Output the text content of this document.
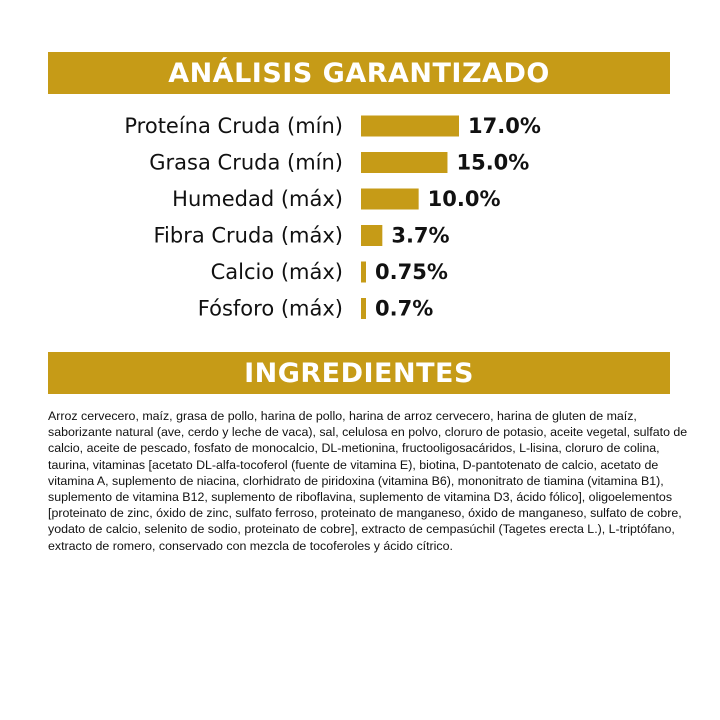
ANÁLISIS GARANTIZADO
Proteína Cruda (mín)	17.0%
Grasa Cruda (mín)	15.0%
Humedad (máx)	10.0%
Fibra Cruda (máx) 3.7%
Calcio (máx) 0.75%
Fósforo (máx) 0.7%
INGREDIENTES

Arroz cervecero, maíz, grasa de pollo, harina de pollo, harina de arroz cervecero, harina de gluten de maíz, saborizante natural (ave, cerdo y leche de vaca), sal, celulosa en polvo, cloruro de potasio, aceite vegetal, sulfato de calcio, aceite de pescado, fosfato de monocalcio, DL-metionina, fructooligosacáridos, L-lisina, cloruro de colina, taurina, vitaminas [acetato DL-alfa-tocoferol (fuente de vitamina E), biotina, D-pantotenato de calcio, acetato de vitamina A, suplemento de niacina, clorhidrato de piridoxina (vitamina B6), mononitrato de tiamina (vitamina B1), suplemento de vitamina B12, suplemento de riboflavina, suplemento de vitamina D3, ácido fólico], oligoelementos [proteinato de zinc, óxido de zinc, sulfato ferroso, proteinato de manganeso, óxido de manganeso, sulfato de cobre, yodato de calcio, selenito de sodio, proteinato de cobre], extracto de cempasúchil (Tagetes erecta L.), L-triptófano, extracto de romero, conservado con mezcla de tocoferoles y ácido cítrico.
